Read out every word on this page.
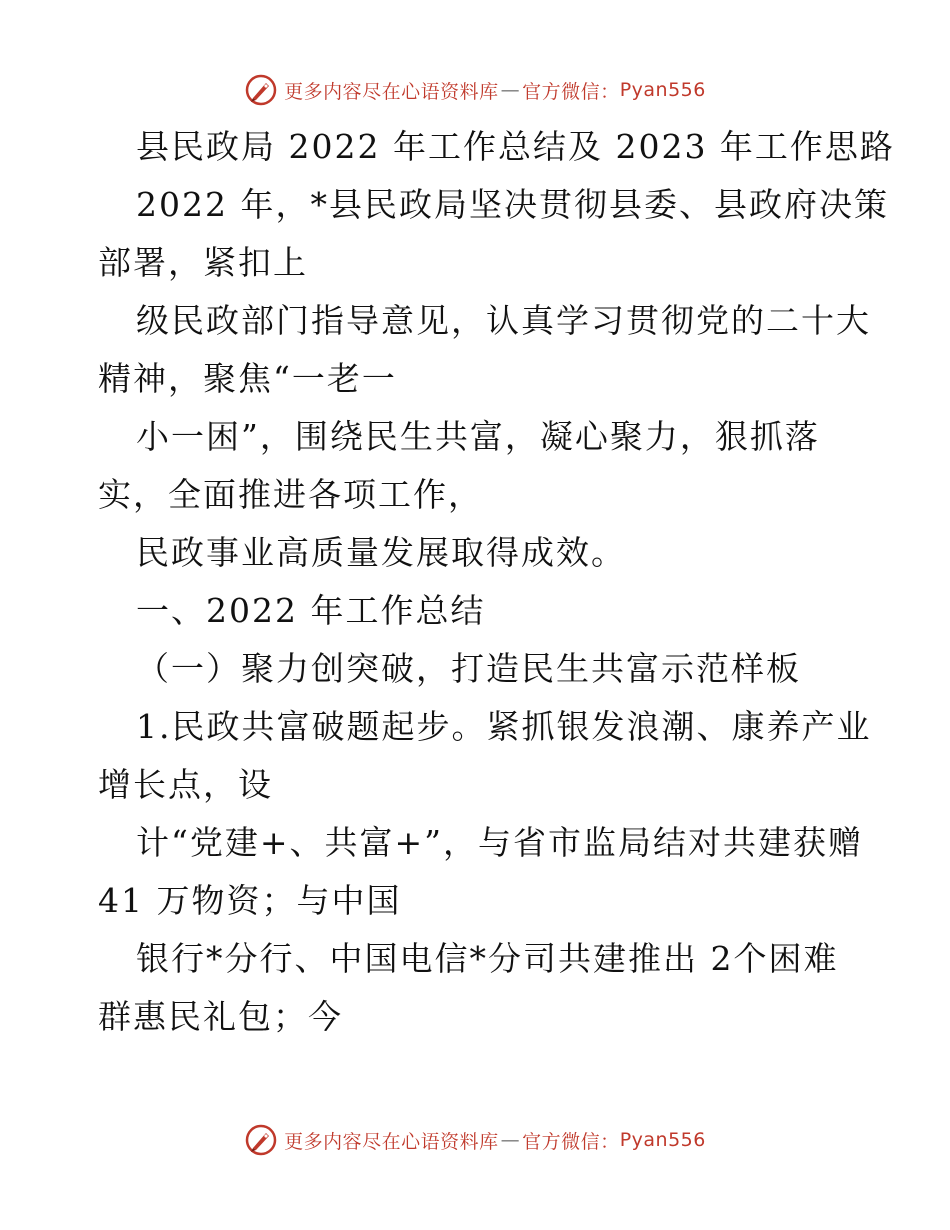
更多内容尽在心语资料库 — 官方微信： Pyan556
县民政局 2022 年工作总结及 2023 年工作思路
2022 年，*县民政局坚决贯彻县委、县政府决策
部署，紧扣上
级民政部门指导意见，认真学习贯彻党的二十大
精神，聚焦“一老一
小一困”，围绕民生共富，凝心聚力，狠抓落
实，全面推进各项工作，
民政事业高质量发展取得成效。
一、2022 年工作总结
（一）聚力创突破，打造民生共富示范样板
1.民政共富破题起步。紧抓银发浪潮、康养产业
增长点，设
计“党建+、共富+”，与省市监局结对共建获赠
41 万物资；与中国
银行*分行、中国电信*分司共建推出 2个困难
群惠民礼包；今
更多内容尽在心语资料库 — 官方微信： Pyan556
